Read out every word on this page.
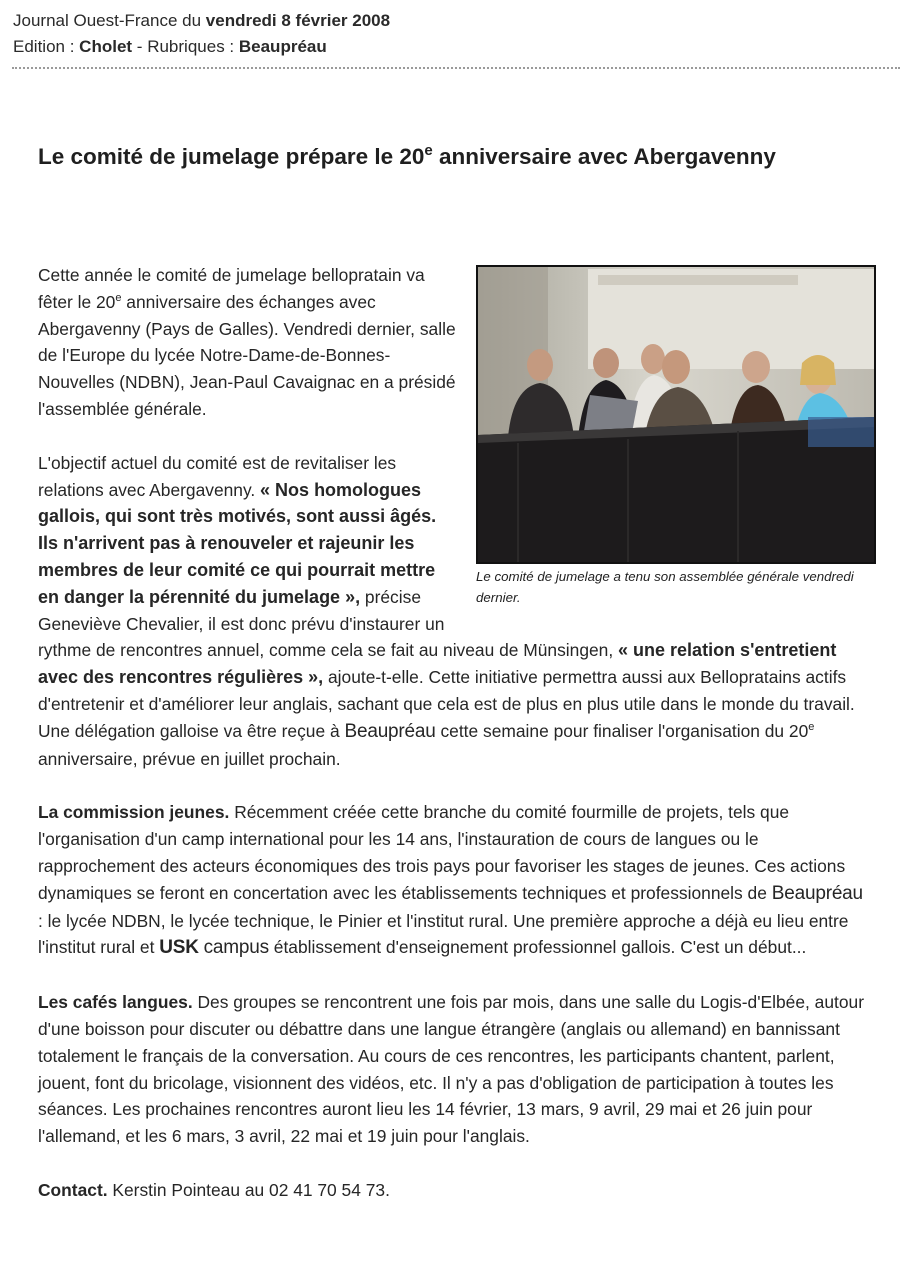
Journal Ouest-France du vendredi 8 février 2008
Edition : Cholet - Rubriques : Beaupréau
Le comité de jumelage prépare le 20e anniversaire avec Abergavenny
Le comité de jumelage a tenu son assemblée générale vendredi dernier.

Cette année le comité de jumelage bellopratain va fêter le 20e anniversaire des échanges avec Abergavenny (Pays de Galles). Vendredi dernier, salle de l'Europe du lycée Notre-Dame-de-Bonnes-Nouvelles (NDBN), Jean-Paul Cavaignac en a présidé l'assemblée générale.

L'objectif actuel du comité est de revitaliser les relations avec Abergavenny. « Nos homologues gallois, qui sont très motivés, sont aussi âgés. Ils n'arrivent pas à renouveler et rajeunir les membres de leur comité ce qui pourrait mettre en danger la pérennité du jumelage », précise Geneviève Chevalier, il est donc prévu d'instaurer un rythme de rencontres annuel, comme cela se fait au niveau de Münsingen, « une relation s'entretient avec des rencontres régulières », ajoute-t-elle. Cette initiative permettra aussi aux Bellopratains actifs d'entretenir et d'améliorer leur anglais, sachant que cela est de plus en plus utile dans le monde du travail. Une délégation galloise va être reçue à Beaupréau cette semaine pour finaliser l'organisation du 20e anniversaire, prévue en juillet prochain.

La commission jeunes. Récemment créée cette branche du comité fourmille de projets, tels que l'organisation d'un camp international pour les 14 ans, l'instauration de cours de langues ou le rapprochement des acteurs économiques des trois pays pour favoriser les stages de jeunes. Ces actions dynamiques se feront en concertation avec les établissements techniques et professionnels de Beaupréau : le lycée NDBN, le lycée technique, le Pinier et l'institut rural. Une première approche a déjà eu lieu entre l'institut rural et USK campus établissement d'enseignement professionnel gallois. C'est un début...

Les cafés langues. Des groupes se rencontrent une fois par mois, dans une salle du Logis-d'Elbée, autour d'une boisson pour discuter ou débattre dans une langue étrangère (anglais ou allemand) en bannissant totalement le français de la conversation. Au cours de ces rencontres, les participants chantent, parlent, jouent, font du bricolage, visionnent des vidéos, etc. Il n'y a pas d'obligation de participation à toutes les séances. Les prochaines rencontres auront lieu les 14 février, 13 mars, 9 avril, 29 mai et 26 juin pour l'allemand, et les 6 mars, 3 avril, 22 mai et 19 juin pour l'anglais.

Contact. Kerstin Pointeau au 02 41 70 54 73.
